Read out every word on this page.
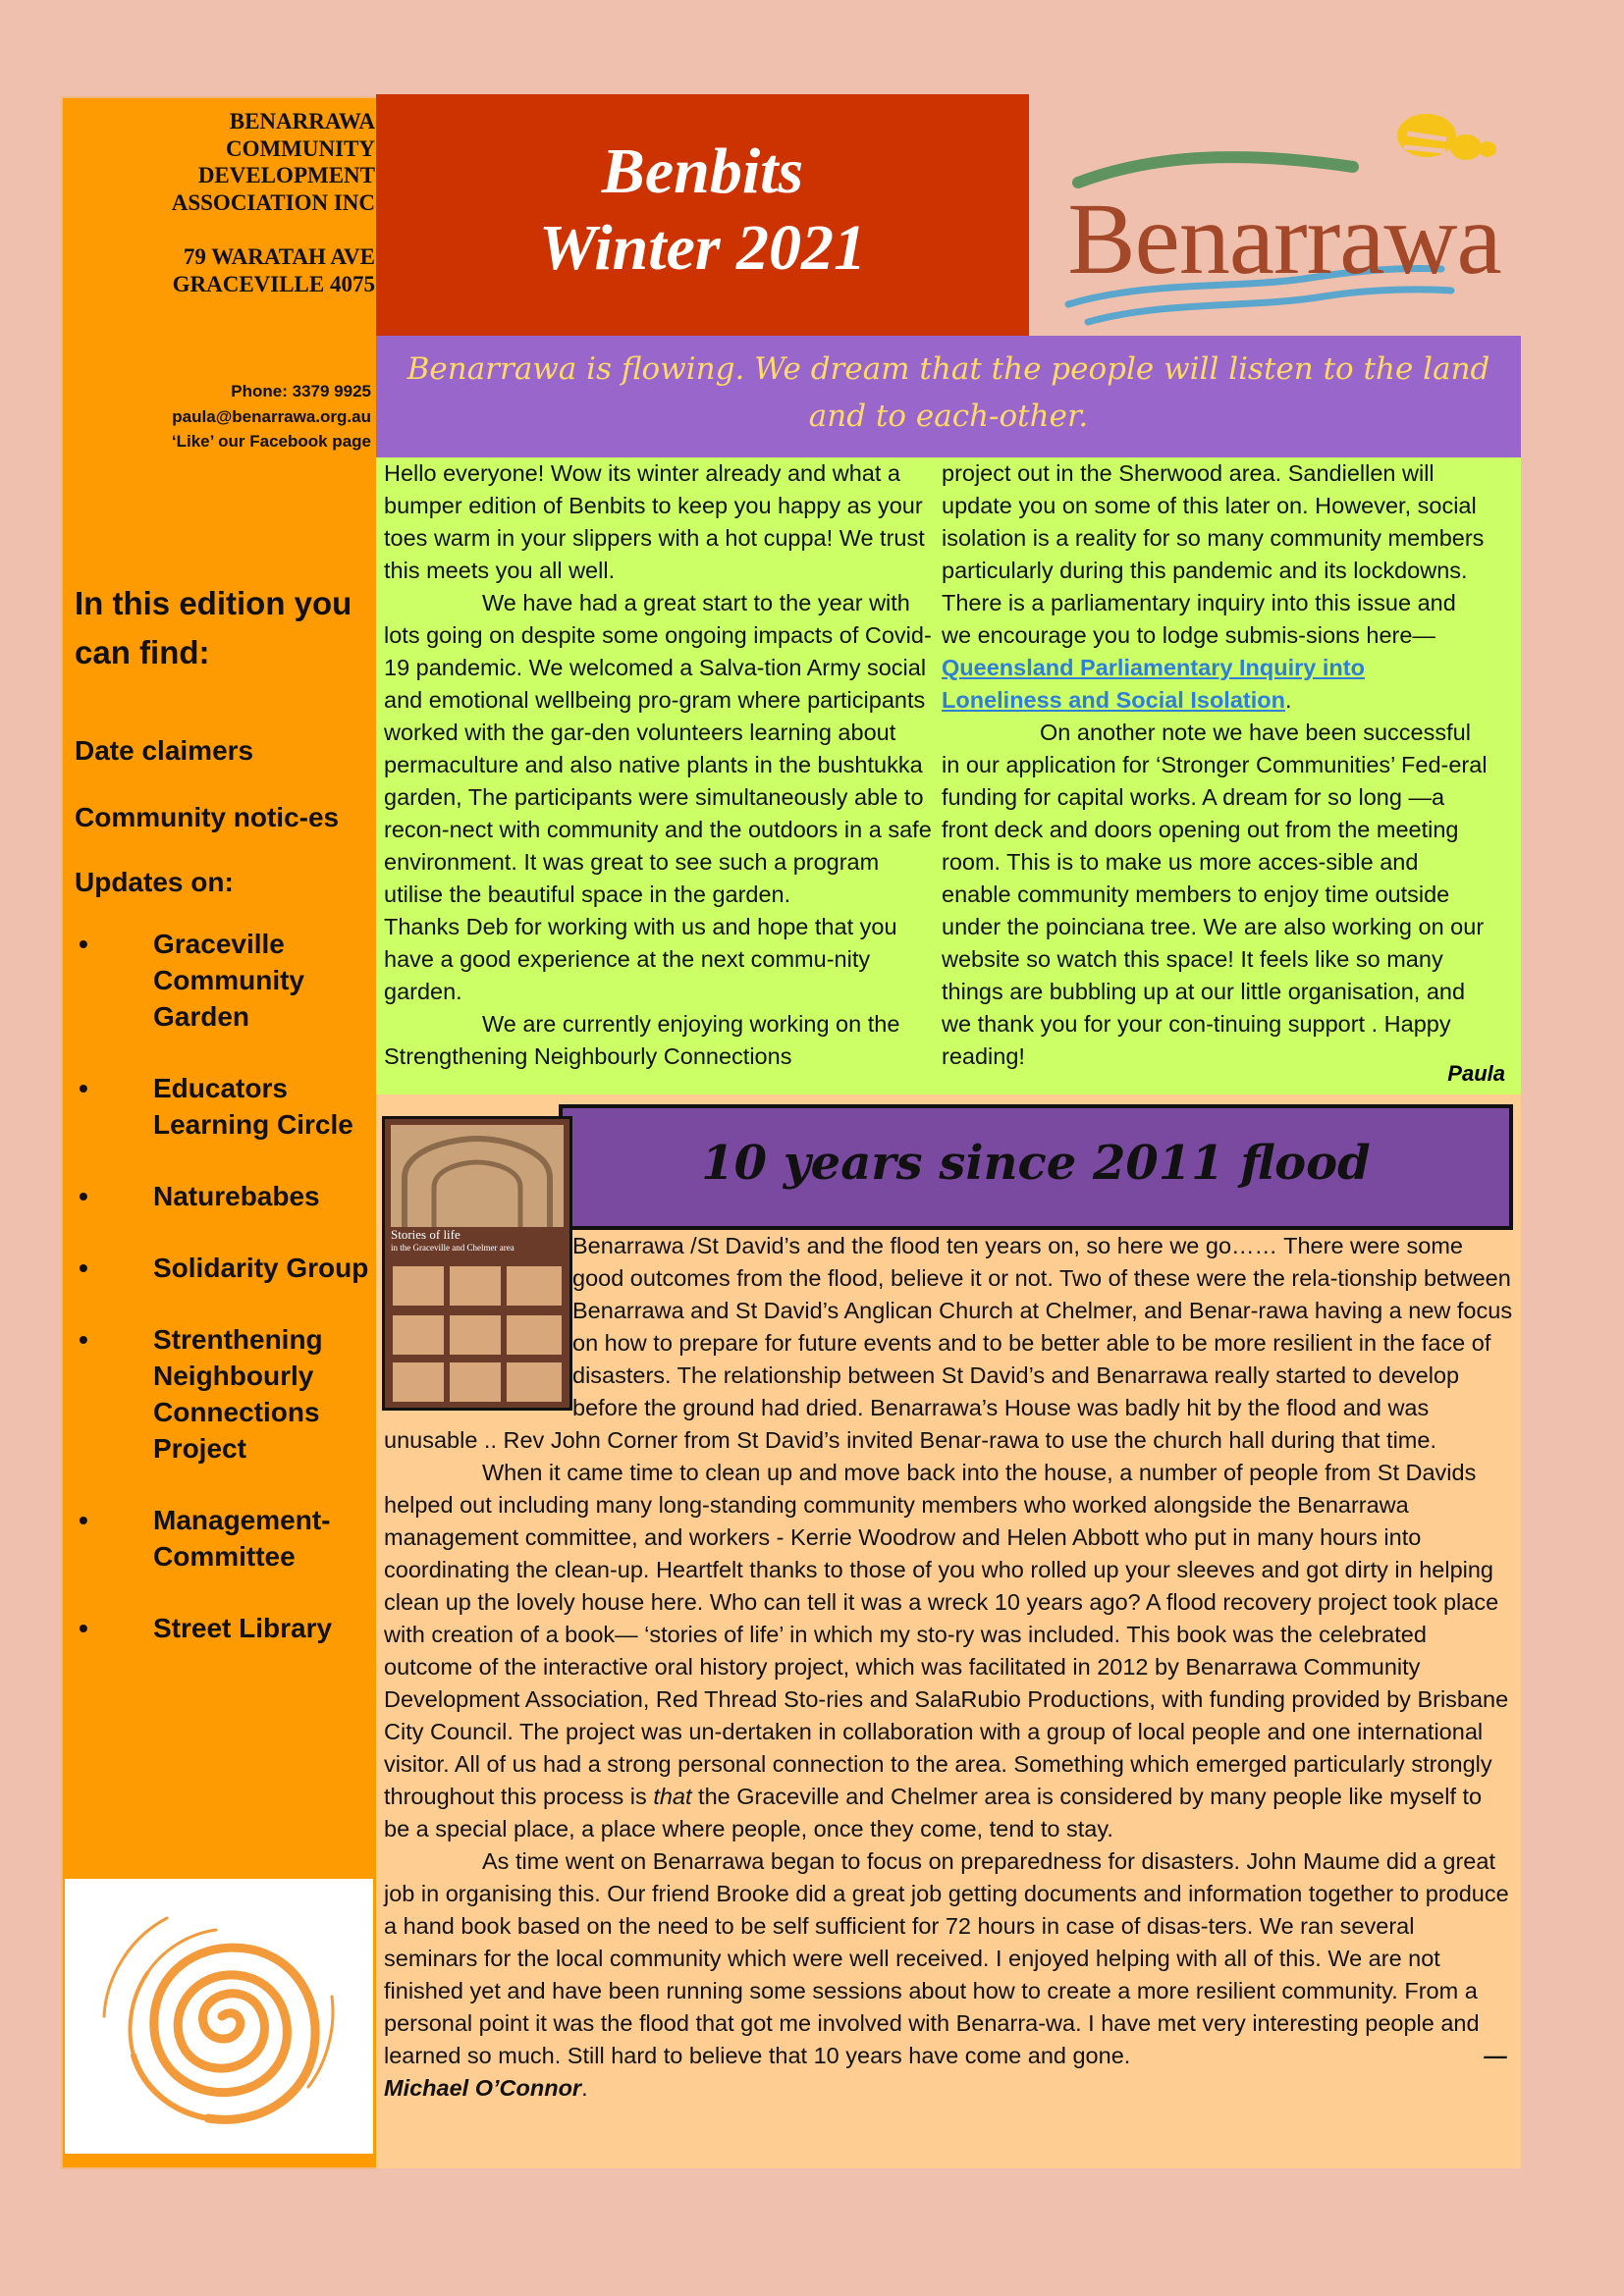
BENARRAWA
COMMUNITY
DEVELOPMENT
ASSOCIATION INC
79 WARATAH AVE
GRACEVILLE 4075
Phone: 3379 9925
paula@benarrawa.org.au
‘Like’ our Facebook page
In this edition you can find:
Date claimers
Community notic-es
Updates on:
• Graceville Community Garden
• Educators Learning Circle
• Naturebabes
• Solidarity Group
• Strenthening Neighbourly Connections Project
• Management- Committee
• Street Library
Benbits
Winter 2021	Benarrawa
Benarrawa is flowing. We dream that the people will listen to the land and to each-other.

Hello everyone! Wow its winter already and what a bumper edition of Benbits to keep you happy as your toes warm in your slippers with a hot cuppa! We trust this meets you all well.

We have had a great start to the year with lots going on despite some ongoing impacts of Covid-19 pandemic. We welcomed a Salva-tion Army social and emotional wellbeing pro-gram where participants worked with the gar-den volunteers learning about permaculture and also native plants in the bushtukka garden, The participants were simultaneously able to recon-nect with community and the outdoors in a safe environment. It was great to see such a program utilise the beautiful space in the garden.

Thanks Deb for working with us and hope that you have a good experience at the next commu-nity garden.

We are currently enjoying working on the Strengthening Neighbourly Connections

project out in the Sherwood area. Sandiellen will update you on some of this later on. However, social isolation is a reality for so many community members particularly during this pandemic and its lockdowns. There is a parliamentary inquiry into this issue and we encourage you to lodge submis-sions here— Queensland Parliamentary Inquiry into Loneliness and Social Isolation.

On another note we have been successful in our application for ‘Stronger Communities’ Fed-eral funding for capital works. A dream for so long —a front deck and doors opening out from the meeting room. This is to make us more acces-sible and enable community members to enjoy time outside under the poinciana tree. We are also working on our website so watch this space! It feels like so many things are bubbling up at our little organisation, and we thank you for your con-tinuing support . Happy reading!

Paula
10 years since 2011 flood
Stories of life
in the Graceville and Chelmer area	Benarrawa /St David’s and the flood ten years on, so here we go…… There were some good outcomes from the flood, believe it or not. Two of these were the rela-tionship between Benarrawa and St David’s Anglican Church at Chelmer, and Benar-rawa having a new focus on how to prepare for future events and to be better able to be more resilient in the face of disasters. The relationship between St David’s and Benarrawa really started to develop before the ground had dried. Benarrawa’s House was badly hit by the flood and was unusable .. Rev John Corner from St David’s invited Benar-rawa to use the church hall during that time.

When it came time to clean up and move back into the house, a number of people from St Davids helped out including many long-standing community members who worked alongside the Benarrawa management committee, and workers - Kerrie Woodrow and Helen Abbott who put in many hours into coordinating the clean-up. Heartfelt thanks to those of you who rolled up your sleeves and got dirty in helping clean up the lovely house here. Who can tell it was a wreck 10 years ago? A flood recovery project took place with creation of a book— ‘stories of life’ in which my sto-ry was included. This book was the celebrated outcome of the interactive oral history project, which was facilitated in 2012 by Benarrawa Community Development Association, Red Thread Sto-ries and SalaRubio Productions, with funding provided by Brisbane City Council. The project was un-dertaken in collaboration with a group of local people and one international visitor. All of us had a strong personal connection to the area. Something which emerged particularly strongly throughout this process is that the Graceville and Chelmer area is considered by many people like myself to be a special place, a place where people, once they come, tend to stay.

As time went on Benarrawa began to focus on preparedness for disasters. John Maume did a great job in organising this. Our friend Brooke did a great job getting documents and information together to produce a hand book based on the need to be self sufficient for 72 hours in case of disas-ters. We ran several seminars for the local community which were well received. I enjoyed helping with all of this. We are not finished yet and have been running some sessions about how to create a more resilient community. From a personal point it was the flood that got me involved with Benarra-wa. I have met very interesting people and learned so much. Still hard to believe that 10 years have come and gone.	—Michael O’Connor.
